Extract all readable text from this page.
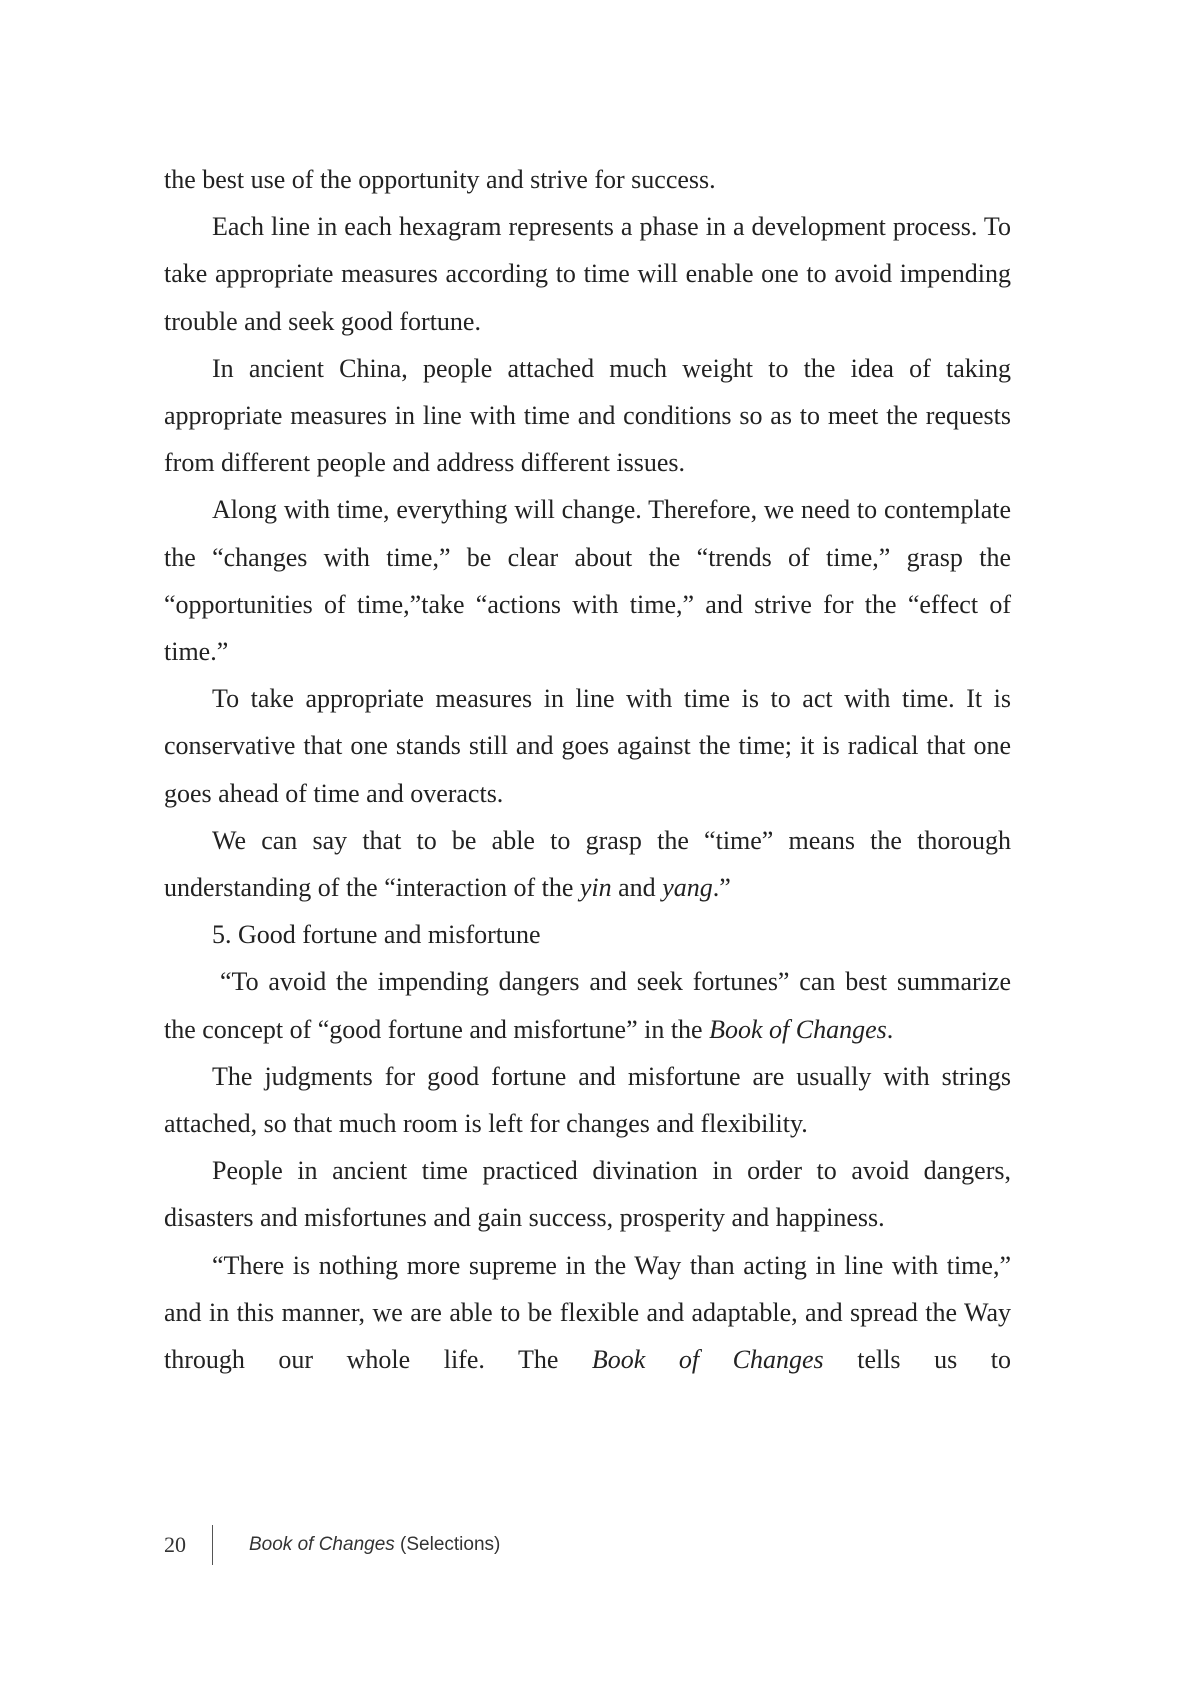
the best use of the opportunity and strive for success.

Each line in each hexagram represents a phase in a development process. To take appropriate measures according to time will enable one to avoid impending trouble and seek good fortune.

In ancient China, people attached much weight to the idea of taking appropriate measures in line with time and conditions so as to meet the requests from different people and address different issues.

Along with time, everything will change. Therefore, we need to contemplate the “changes with time,” be clear about the “trends of time,” grasp the “opportunities of time,”take “actions with time,” and strive for the “effect of time.”

To take appropriate measures in line with time is to act with time. It is conservative that one stands still and goes against the time; it is radical that one goes ahead of time and overacts.

We can say that to be able to grasp the “time” means the thorough understanding of the “interaction of the yin and yang.”

5. Good fortune and misfortune

“To avoid the impending dangers and seek fortunes” can best summarize the concept of “good fortune and misfortune” in the Book of Changes.

The judgments for good fortune and misfortune are usually with strings attached, so that much room is left for changes and flexibility.

People in ancient time practiced divination in order to avoid dangers, disasters and misfortunes and gain success, prosperity and happiness.

“There is nothing more supreme in the Way than acting in line with time,” and in this manner, we are able to be flexible and adaptable, and spread the Way through our whole life. The Book of Changes tells us to

20	Book of Changes (Selections)
